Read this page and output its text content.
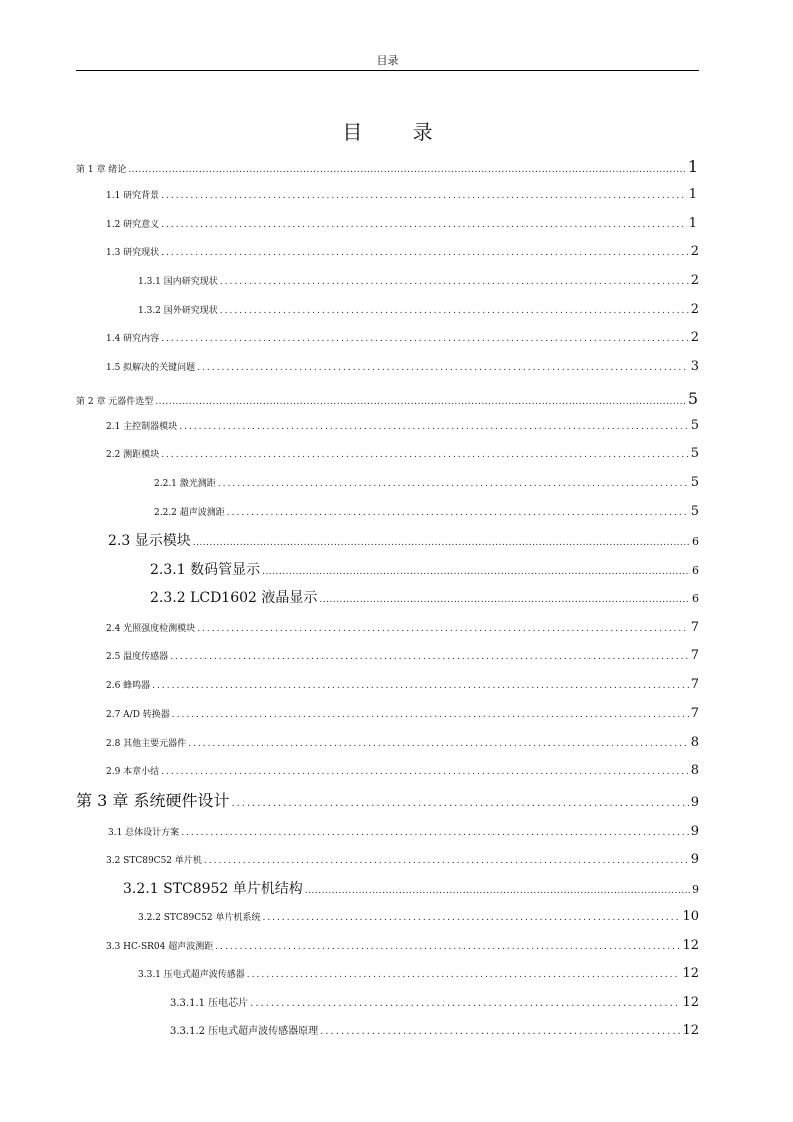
目录
目 录
第 1 章 绪论 .....	1
1.1 研究背景 .....	1
1.2 研究意义 .....	1
1.3 研究现状 .....	2
1.3.1 国内研究现状 .....	2
1.3.2 国外研究现状 .....	2
1.4 研究内容 .....	2
1.5 拟解决的关键问题 .....	3
第 2 章 元器件选型 .....	5
2.1 主控制器模块 .....	5
2.2 测距模块 .....	5
2.2.1 激光测距 .....	5
2.2.2 超声波测距 .....	5
2.3 显示模块 .....	6
2.3.1 数码管显示 .....	6
2.3.2 LCD1602 液晶显示 .....	6
2.4 光照强度检测模块 .....	7
2.5 温度传感器 .....	7
2.6 蜂鸣器 .....	7
2.7 A/D 转换器 .....	7
2.8 其他主要元器件 .....	8
2.9 本章小结 .....	8
第 3 章 系统硬件设计 .....	9
3.1 总体设计方案 .....	9
3.2 STC89C52 单片机 .....	9
3.2.1 STC8952 单片机结构 .....	9
3.2.2 STC89C52 单片机系统 .....	10
3.3 HC-SR04 超声波测距 .....	12
3.3.1 压电式超声波传感器 .....	12
3.3.1.1 压电芯片 .....	12
3.3.1.2 压电式超声波传感器原理 .....	12
